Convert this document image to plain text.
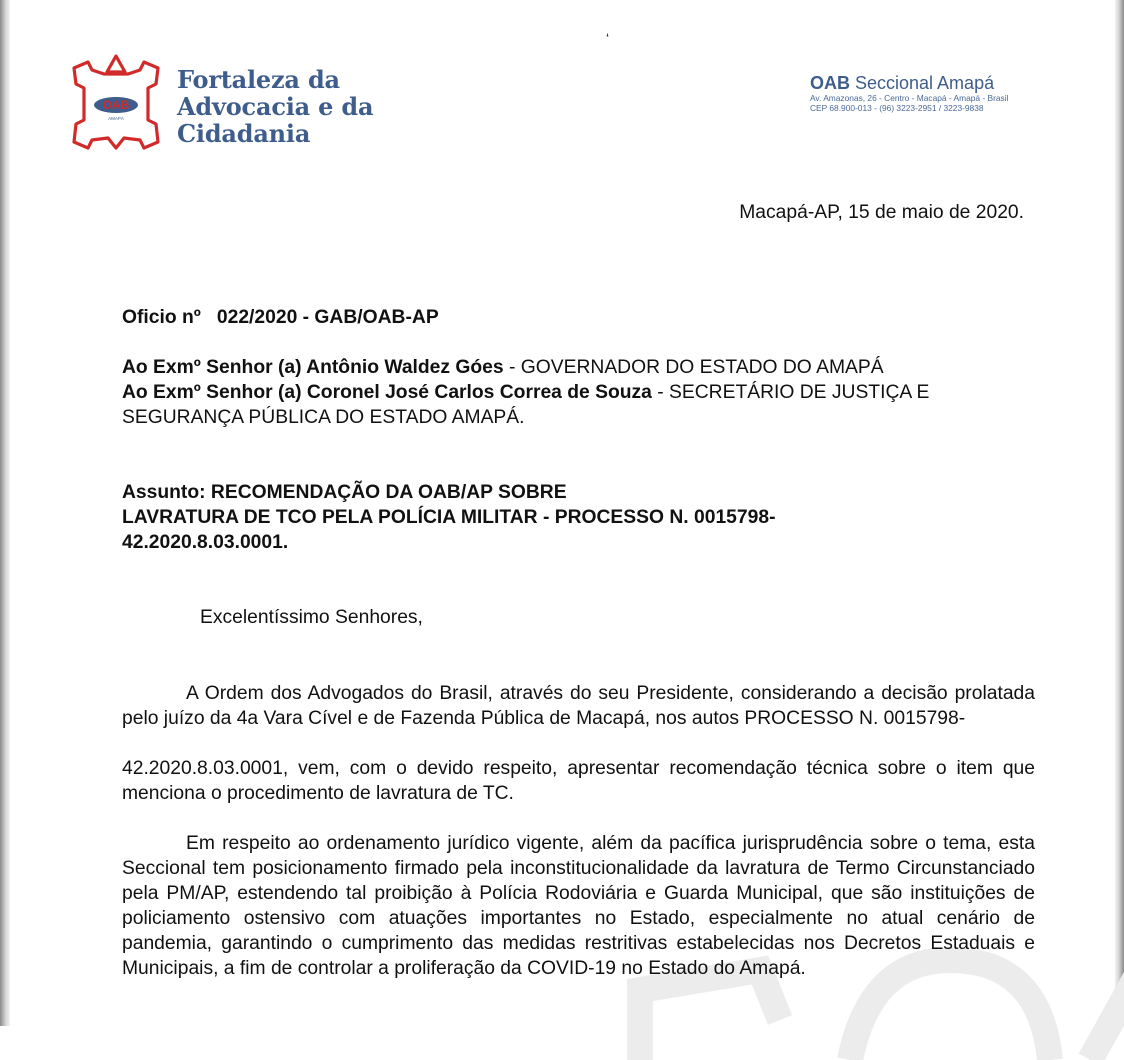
‘
OAB
AMAPÁ
Fortaleza da
Advocacia e da
Cidadania
OAB Seccional Amapá
Av. Amazonas, 26 - Centro - Macapá - Amapá - Brasil
CEP 68.900-013 - (96) 3223-2951 / 3223-9838
Macapá-AP, 15 de maio de 2020.
Oficio nº   022/2020 - GAB/OAB-AP
Ao Exmº Senhor (a) Antônio Waldez Góes - GOVERNADOR DO ESTADO DO AMAPÁ
Ao Exmº Senhor (a) Coronel José Carlos Correa de Souza - SECRETÁRIO DE JUSTIÇA E SEGURANÇA PÚBLICA DO ESTADO AMAPÁ.
Assunto: RECOMENDAÇÃO DA OAB/AP SOBRE
LAVRATURA DE TCO PELA POLÍCIA MILITAR - PROCESSO N. 0015798-
42.2020.8.03.0001.
Excelentíssimo Senhores,
A Ordem dos Advogados do Brasil, através do seu Presidente, considerando a decisão prolatada pelo juízo da 4a Vara Cível e de Fazenda Pública de Macapá, nos autos PROCESSO N. 0015798-
42.2020.8.03.0001, vem, com o devido respeito, apresentar recomendação técnica sobre o item que menciona o procedimento de lavratura de TC.
Em respeito ao ordenamento jurídico vigente, além da pacífica jurisprudência sobre o tema, esta Seccional tem posicionamento firmado pela inconstitucionalidade da lavratura de Termo Circunstanciado pela PM/AP, estendendo tal proibição à Polícia Rodoviária e Guarda Municipal, que são instituições de policiamento ostensivo com atuações importantes no Estado, especialmente no atual cenário de pandemia, garantindo o cumprimento das medidas restritivas estabelecidas nos Decretos Estaduais e Municipais, a fim de controlar a proliferação da COVID-19 no Estado do Amapá.
